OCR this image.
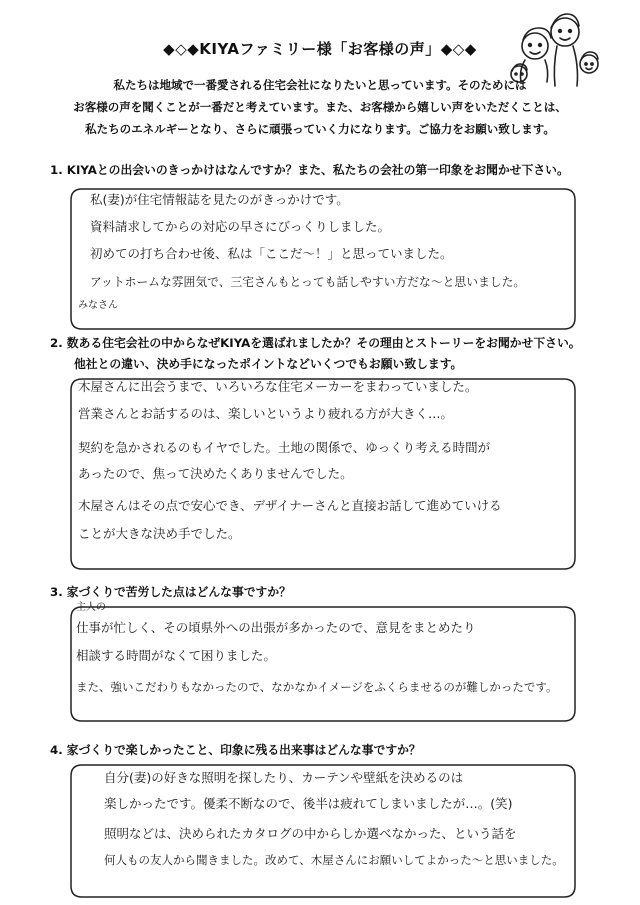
◆◇◆KIYAファミリー様「お客様の声」◆◇◆
私たちは地域で一番愛される住宅会社になりたいと思っています。そのためには
お客様の声を聞くことが一番だと考えています。また、お客様から嬉しい声をいただくことは、
私たちのエネルギーとなり、さらに頑張っていく力になります。ご協力をお願い致します。
1. KIYAとの出会いのきっかけはなんですか？また、私たちの会社の第一印象をお聞かせ下さい。
私(妻)が住宅情報誌を見たのがきっかけです。
資料請求してからの対応の早さにびっくりしました。
初めての打ち合わせ後、私は「ここだ～！」と思っていました。
アットホームな雰囲気で、三宅さんもとっても話しやすい方だな～と思いました。
みなさん
2. 数ある住宅会社の中からなぜKIYAを選ばれましたか？その理由とストーリーをお聞かせ下さい。
他社との違い、決め手になったポイントなどいくつでもお願い致します。
木屋さんに出会うまで、いろいろな住宅メーカーをまわっていました。
営業さんとお話するのは、楽しいというより疲れる方が大きく…。
契約を急かされるのもイヤでした。土地の関係で、ゆっくり考える時間が
あったので、焦って決めたくありませんでした。
木屋さんはその点で安心でき、デザイナーさんと直接お話して進めていける
ことが大きな決め手でした。
3. 家づくりで苦労した点はどんな事ですか？
主人の
仕事が忙しく、その頃県外への出張が多かったので、意見をまとめたり
相談する時間がなくて困りました。
また、強いこだわりもなかったので、なかなかイメージをふくらませるのが難しかったです。
4. 家づくりで楽しかったこと、印象に残る出来事はどんな事ですか？
自分(妻)の好きな照明を探したり、カーテンや壁紙を決めるのは
楽しかったです。優柔不断なので、後半は疲れてしまいましたが…。(笑)
照明などは、決められたカタログの中からしか選べなかった、という話を
何人もの友人から聞きました。改めて、木屋さんにお願いしてよかった～と思いました。
